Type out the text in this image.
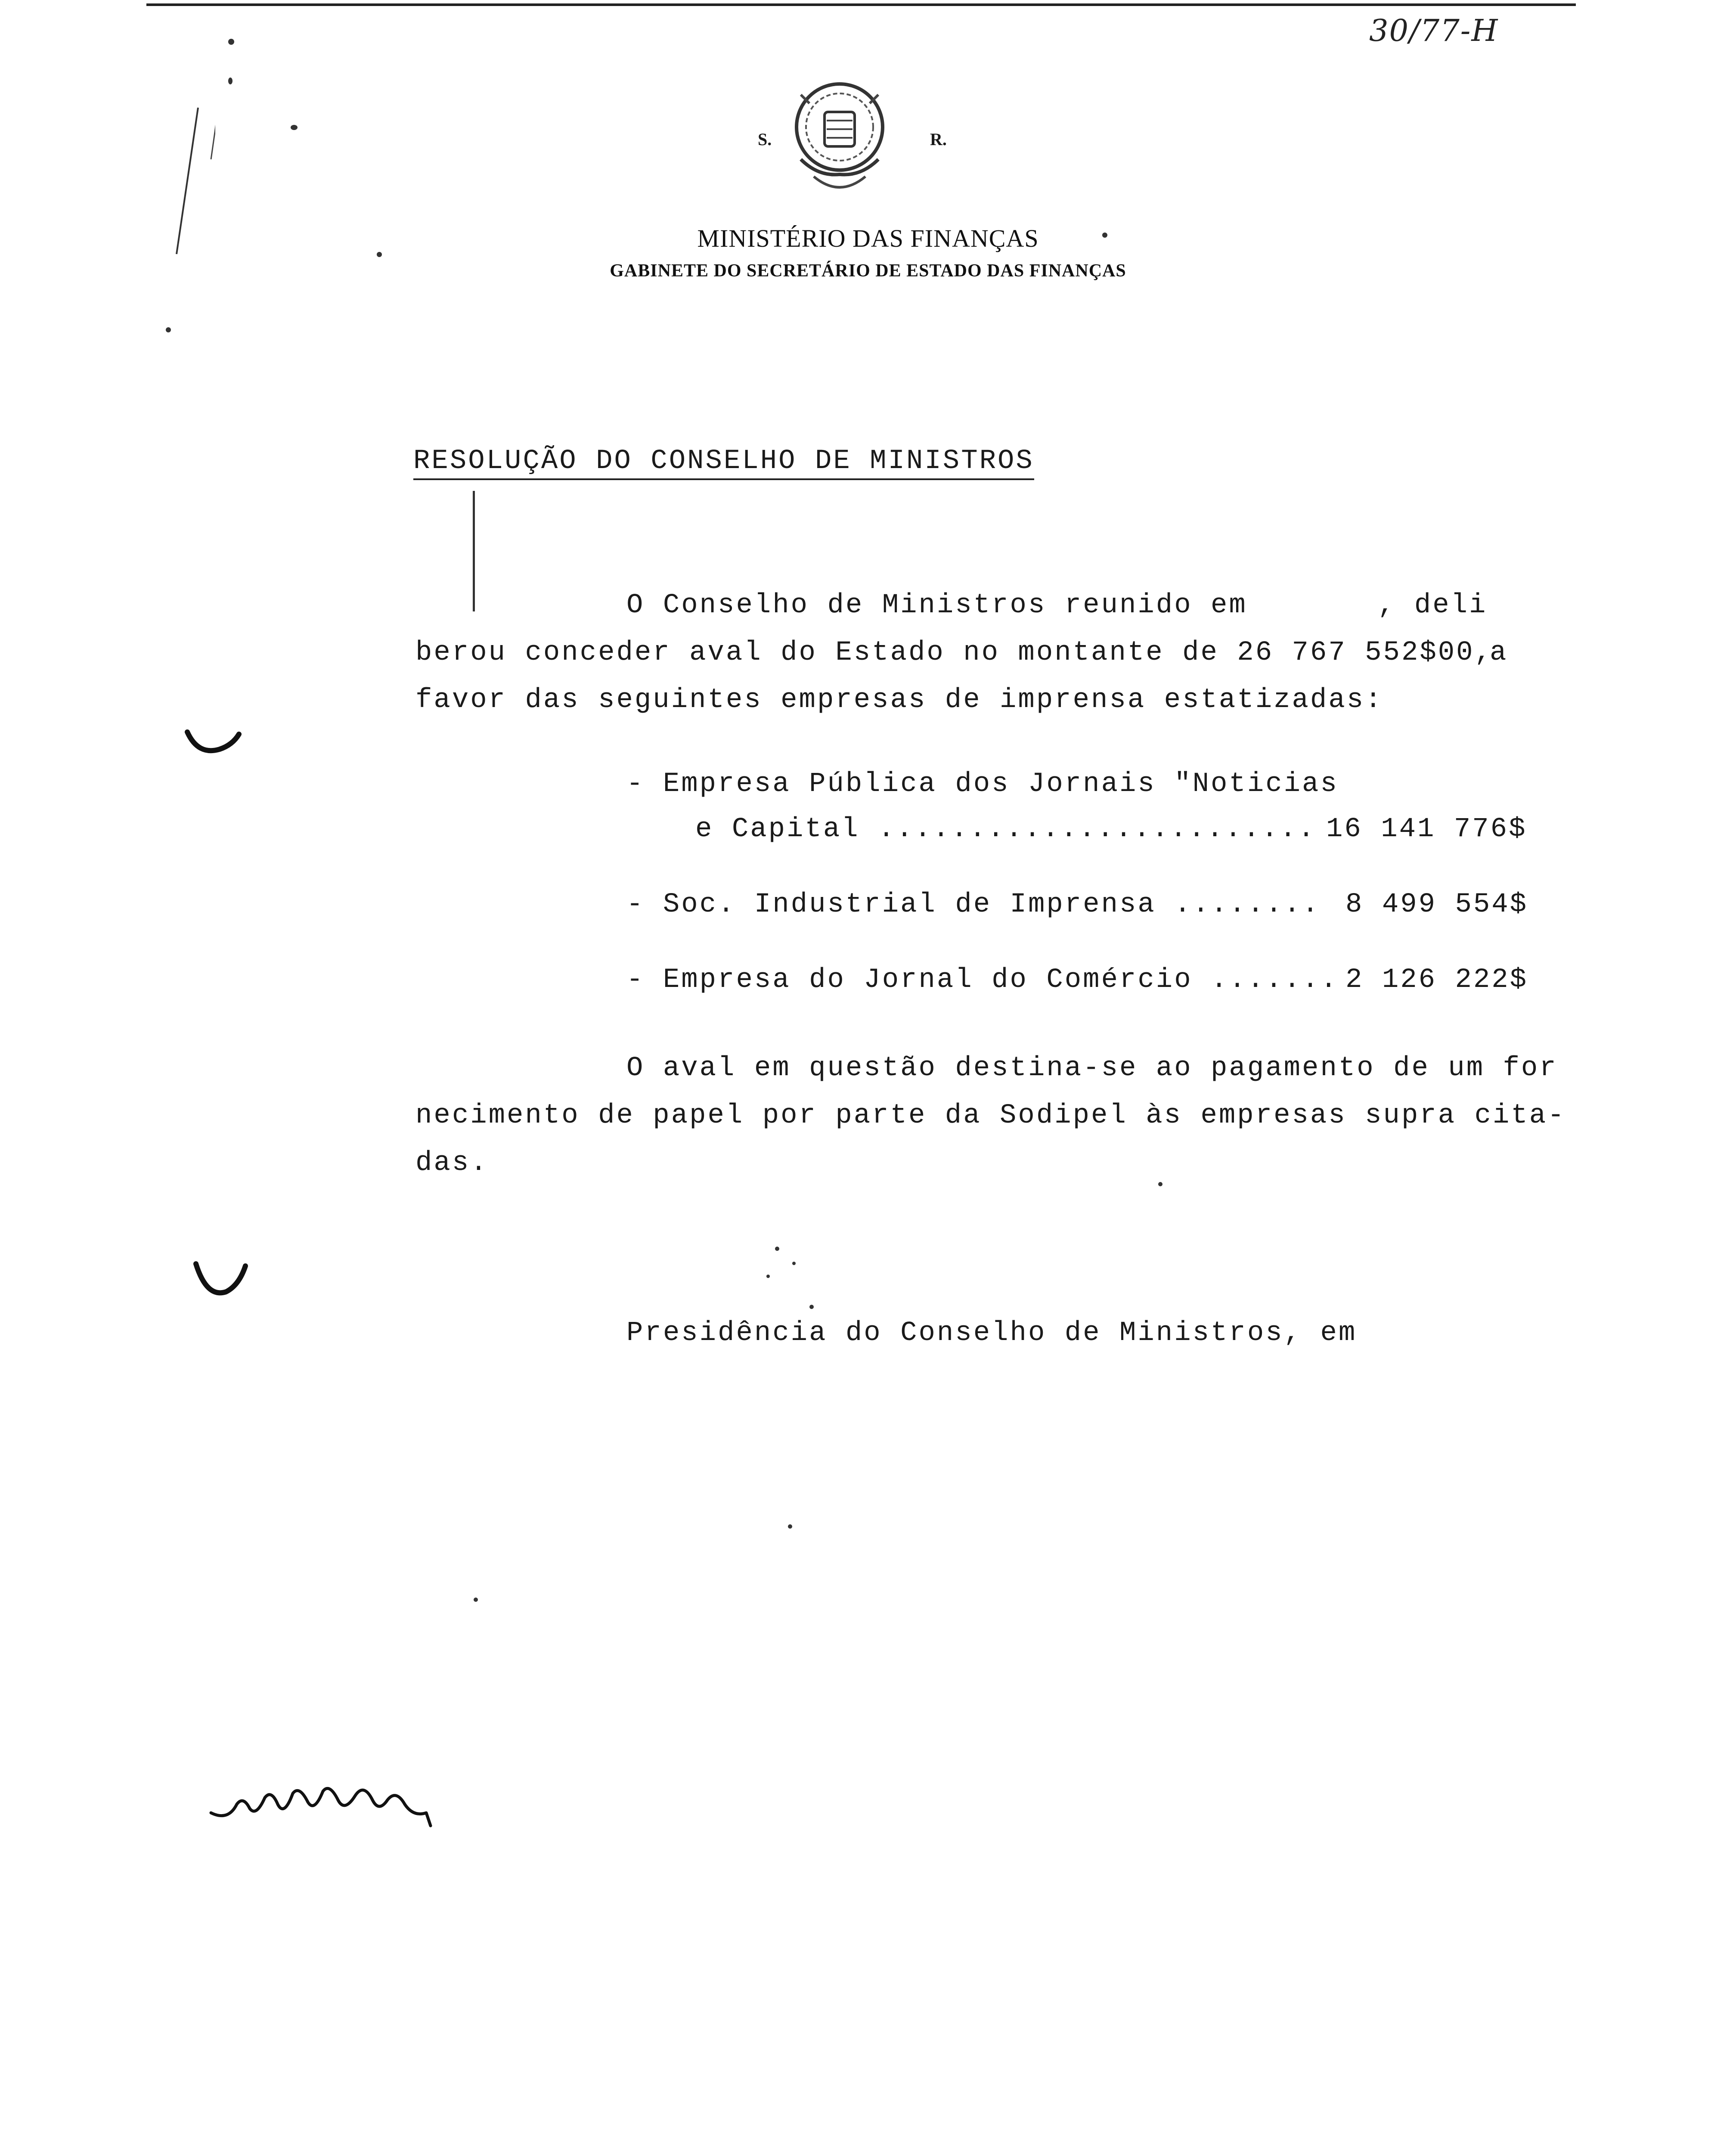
30/77-H
S.	R.
MINISTÉRIO DAS FINANÇAS
GABINETE DO SECRETÁRIO DE ESTADO DAS FINANÇAS
RESOLUÇÃO DO CONSELHO DE MINISTROS

O Conselho de Ministros reunido em

	, deli

berou conceder aval do Estado no montante de 26 767 552$00,

a

favor das seguintes empresas de imprensa estatizadas:

- Empresa Pública dos Jornais "Noticias

e Capital ........................

16 141 776$

- Soc. Industrial de Imprensa ........

8 499 554$

- Empresa do Jornal do Comércio .......

2 126 222$

O aval em questão destina-se ao pagamento de um for

necimento de papel por parte da Sodipel às empresas supra cita-

das.

Presidência do Conselho de Ministros, em
